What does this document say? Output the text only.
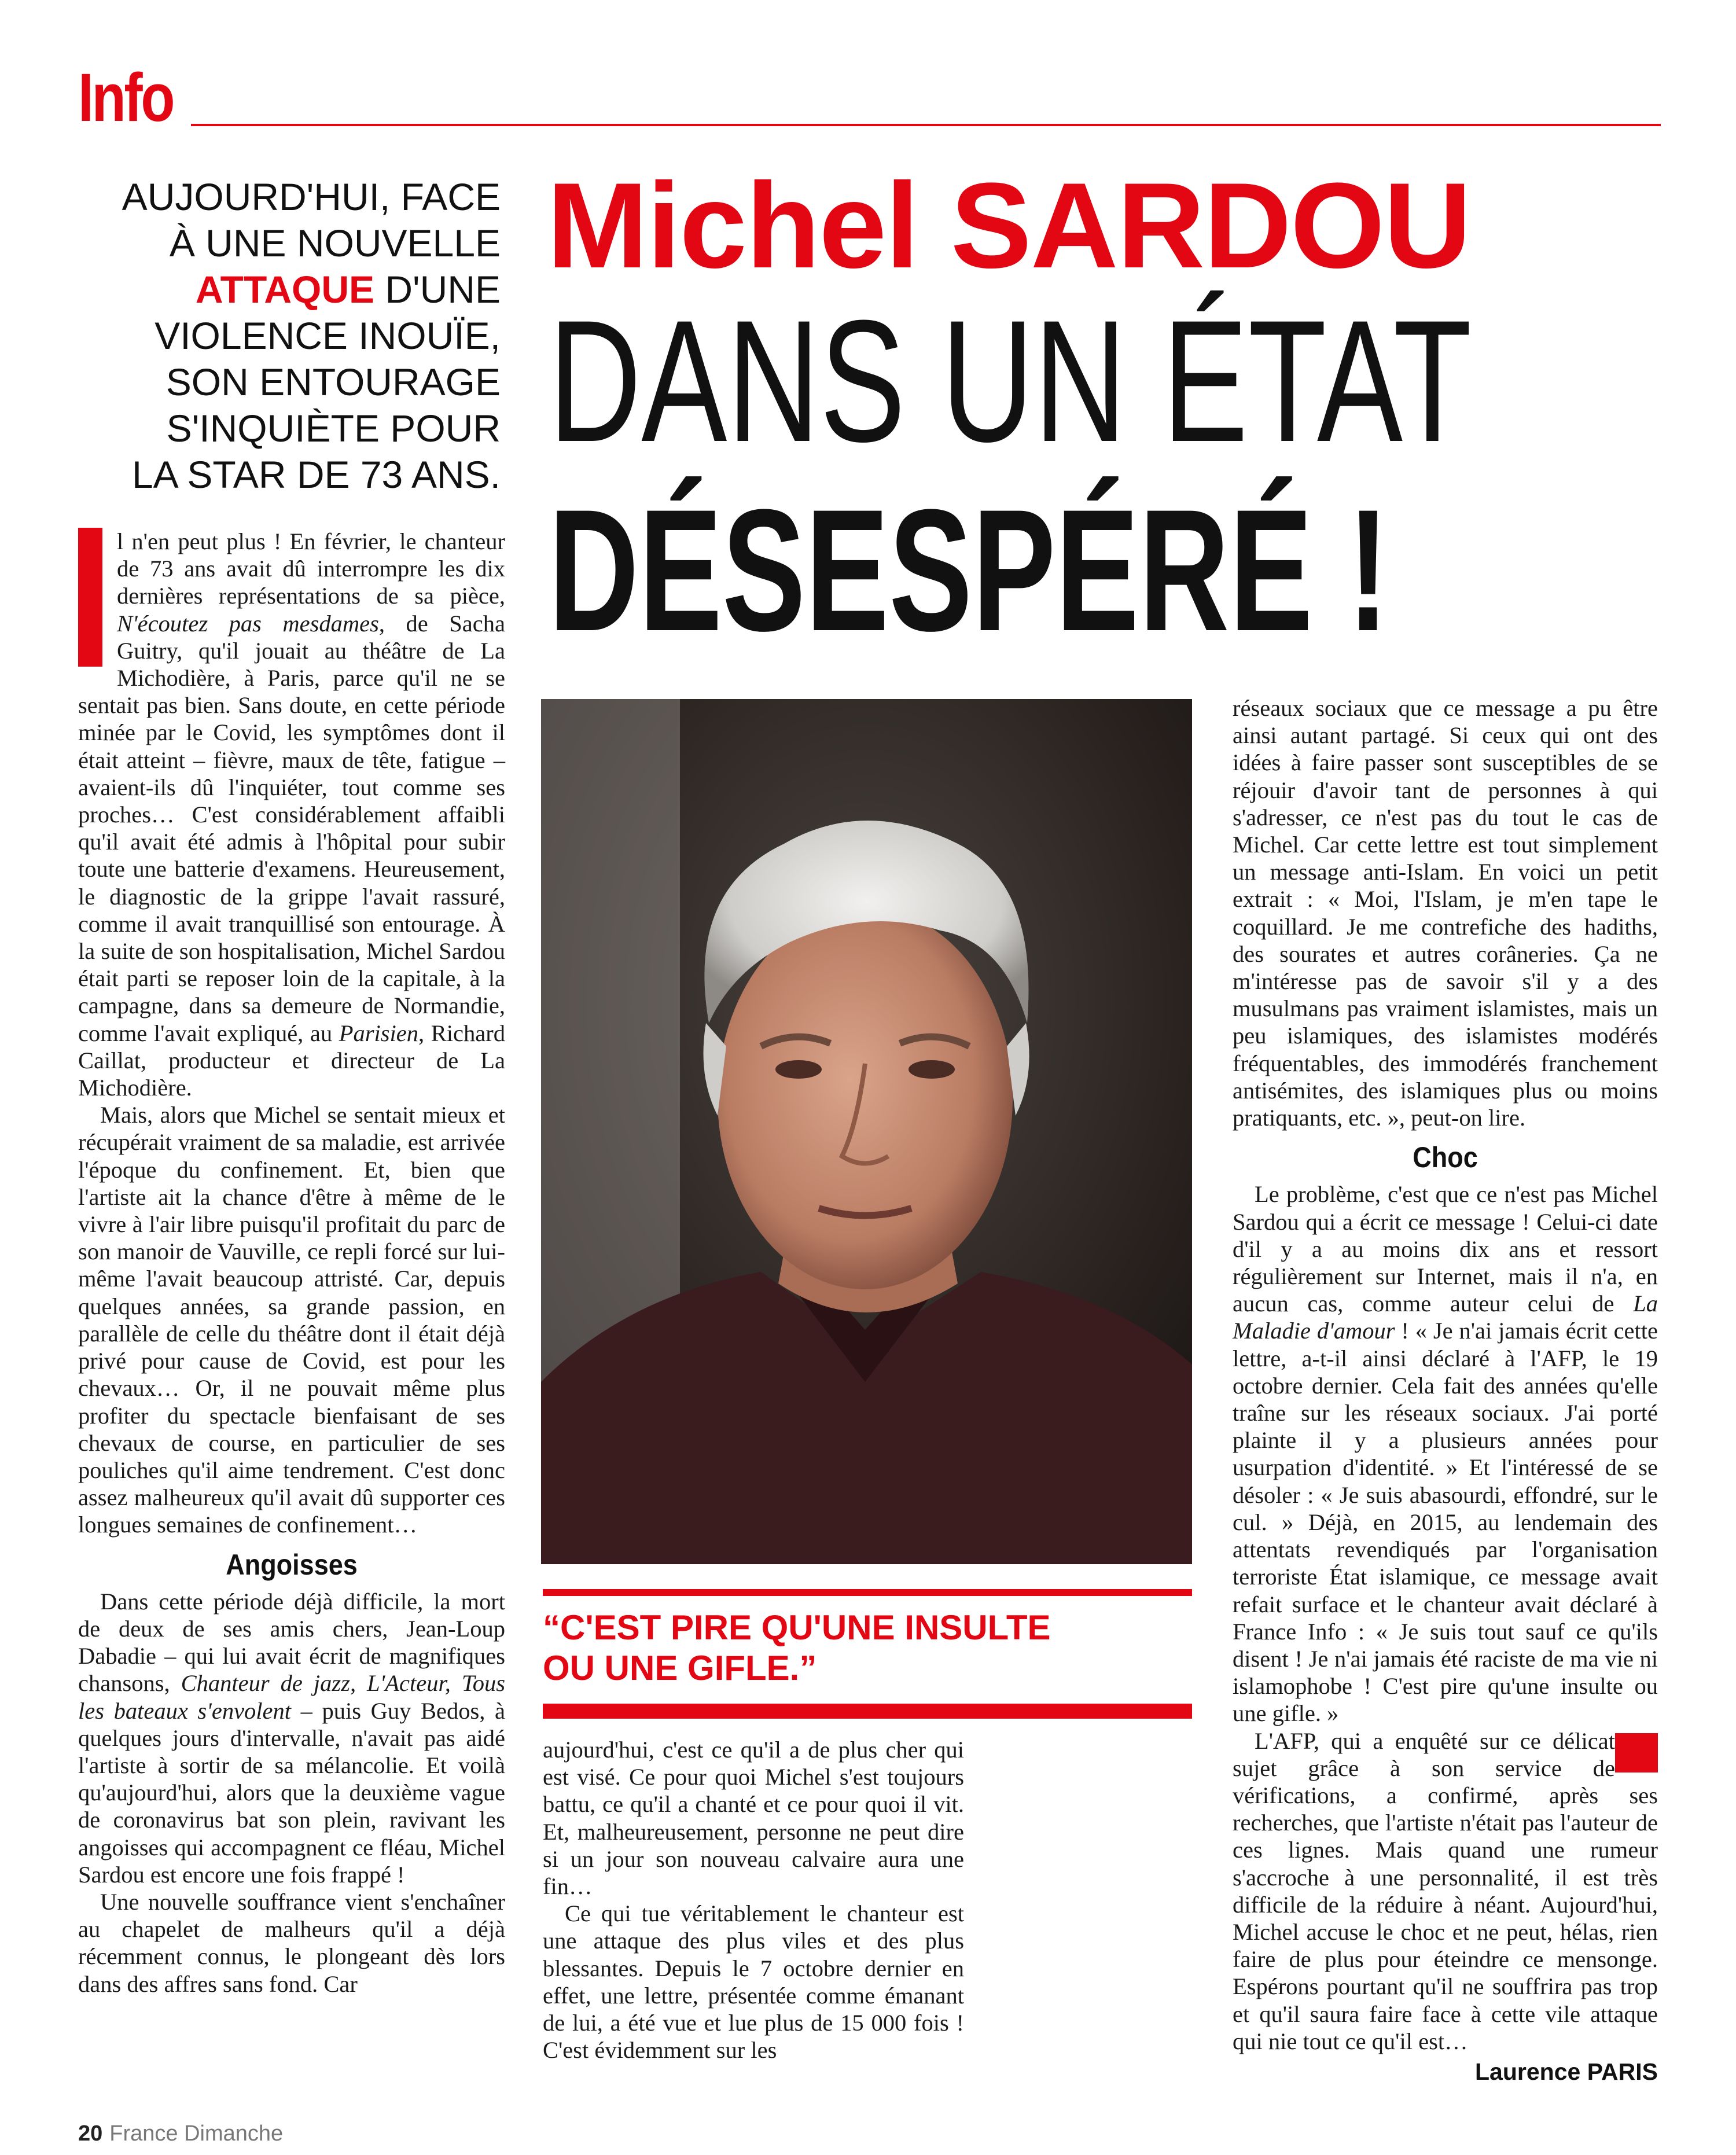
Info
AUJOURD'HUI, FACE
À UNE NOUVELLE
ATTAQUE D'UNE
VIOLENCE INOUÏE,
SON ENTOURAGE
S'INQUIÈTE POUR
LA STAR DE 73 ANS.
Michel SARDOU
DANS UN ÉTAT
DÉSESPÉRÉ !

l n'en peut plus ! En février, le chanteur de 73 ans avait dû interrompre les dix dernières représentations de sa pièce, N'écoutez pas mesdames, de Sacha Guitry, qu'il jouait au théâtre de La Michodière, à Paris, parce qu'il ne se sentait pas bien. Sans doute, en cette période minée par le Covid, les symptômes dont il était atteint – fièvre, maux de tête, fatigue – avaient-ils dû l'inquiéter, tout comme ses proches… C'est considérablement affaibli qu'il avait été admis à l'hôpital pour subir toute une batterie d'examens. Heureusement, le diagnostic de la grippe l'avait rassuré, comme il avait tranquillisé son entourage. À la suite de son hospitalisation, Michel Sardou était parti se reposer loin de la capitale, à la campagne, dans sa demeure de Normandie, comme l'avait expliqué, au Parisien, Richard Caillat, producteur et directeur de La Michodière.

Mais, alors que Michel se sentait mieux et récupérait vraiment de sa maladie, est arrivée l'époque du confinement. Et, bien que l'artiste ait la chance d'être à même de le vivre à l'air libre puisqu'il profitait du parc de son manoir de Vauville, ce repli forcé sur lui-même l'avait beaucoup attristé. Car, depuis quelques années, sa grande passion, en parallèle de celle du théâtre dont il était déjà privé pour cause de Covid, est pour les chevaux… Or, il ne pouvait même plus profiter du spectacle bienfaisant de ses chevaux de course, en particulier de ses pouliches qu'il aime tendrement. C'est donc assez malheureux qu'il avait dû supporter ces longues semaines de confinement…

Angoisses

Dans cette période déjà difficile, la mort de deux de ses amis chers, Jean-Loup Dabadie – qui lui avait écrit de magnifiques chansons, Chanteur de jazz, L'Acteur, Tous les bateaux s'envolent – puis Guy Bedos, à quelques jours d'intervalle, n'avait pas aidé l'artiste à sortir de sa mélancolie. Et voilà qu'aujourd'hui, alors que la deuxième vague de coronavirus bat son plein, ravivant les angoisses qui accompagnent ce fléau, Michel Sardou est encore une fois frappé !

Une nouvelle souffrance vient s'enchaîner au chapelet de malheurs qu'il a déjà récemment connus, le plongeant dès lors dans des affres sans fond. Car

“C'EST PIRE QU'UNE INSULTE
OU UNE GIFLE.”

aujourd'hui, c'est ce qu'il a de plus cher qui est visé. Ce pour quoi Michel s'est toujours battu, ce qu'il a chanté et ce pour quoi il vit. Et, malheureusement, personne ne peut dire si un jour son nouveau calvaire aura une fin…

Ce qui tue véritablement le chanteur est une attaque des plus viles et des plus blessantes. Depuis le 7 octobre dernier en effet, une lettre, présentée comme émanant de lui, a été vue et lue plus de 15 000 fois ! C'est évidemment sur les

réseaux sociaux que ce message a pu être ainsi autant partagé. Si ceux qui ont des idées à faire passer sont susceptibles de se réjouir d'avoir tant de personnes à qui s'adresser, ce n'est pas du tout le cas de Michel. Car cette lettre est tout simplement un message anti-Islam. En voici un petit extrait : « Moi, l'Islam, je m'en tape le coquillard. Je me contrefiche des hadiths, des sourates et autres corâneries. Ça ne m'intéresse pas de savoir s'il y a des musulmans pas vraiment islamistes, mais un peu islamiques, des islamistes modérés fréquentables, des immodérés franchement antisémites, des islamiques plus ou moins pratiquants, etc. », peut-on lire.

Choc

Le problème, c'est que ce n'est pas Michel Sardou qui a écrit ce message ! Celui-ci date d'il y a au moins dix ans et ressort régulièrement sur Internet, mais il n'a, en aucun cas, comme auteur celui de La Maladie d'amour ! « Je n'ai jamais écrit cette lettre, a-t-il ainsi déclaré à l'AFP, le 19 octobre dernier. Cela fait des années qu'elle traîne sur les réseaux sociaux. J'ai porté plainte il y a plusieurs années pour usurpation d'identité. » Et l'intéressé de se désoler : « Je suis abasourdi, effondré, sur le cul. » Déjà, en 2015, au lendemain des attentats revendiqués par l'organisation terroriste État islamique, ce message avait refait surface et le chanteur avait déclaré à France Info : « Je suis tout sauf ce qu'ils disent ! Je n'ai jamais été raciste de ma vie ni islamophobe ! C'est pire qu'une insulte ou une gifle. »

L'AFP, qui a enquêté sur ce délicat sujet grâce à son service de vérifications, a confirmé, après ses recherches, que l'artiste n'était pas l'auteur de ces lignes. Mais quand une rumeur s'accroche à une personnalité, il est très difficile de la réduire à néant. Aujourd'hui, Michel accuse le choc et ne peut, hélas, rien faire de plus pour éteindre ce mensonge. Espérons pourtant qu'il ne souffrira pas trop et qu'il saura faire face à cette vile attaque qui nie tout ce qu'il est…

Laurence PARIS

20 France Dimanche
